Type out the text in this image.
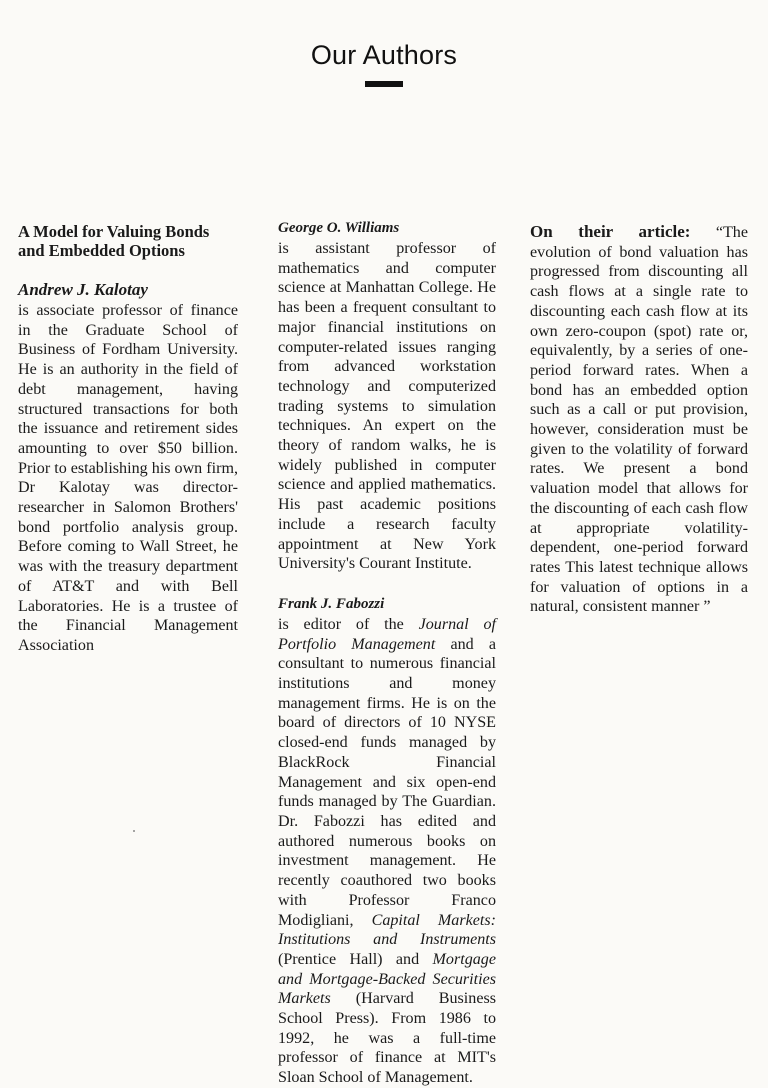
Our Authors
A Model for Valuing Bonds and Embedded Options
Andrew J. Kalotay

is associate professor of finance in the Graduate School of Business of Fordham University. He is an authority in the field of debt management, having structured transactions for both the issuance and retirement sides amounting to over $50 billion. Prior to establishing his own firm, Dr Kalotay was director-researcher in Salomon Brothers' bond portfolio analysis group. Before coming to Wall Street, he was with the treasury department of AT&T and with Bell Laboratories. He is a trustee of the Financial Management Association

George O. Williams

is assistant professor of mathematics and computer science at Manhattan College. He has been a frequent consultant to major financial institutions on computer-related issues ranging from advanced workstation technology and computerized trading systems to simulation techniques. An expert on the theory of random walks, he is widely published in computer science and applied mathematics. His past academic positions include a research faculty appointment at New York University's Courant Institute.

Frank J. Fabozzi

is editor of the Journal of Portfolio Management and a consultant to numerous financial institutions and money management firms. He is on the board of directors of 10 NYSE closed-end funds managed by BlackRock Financial Management and six open-end funds managed by The Guardian. Dr. Fabozzi has edited and authored numerous books on investment management. He recently coauthored two books with Professor Franco Modigliani, Capital Markets: Institutions and Instruments (Prentice Hall) and Mortgage and Mortgage-Backed Securities Markets (Harvard Business School Press). From 1986 to 1992, he was a full-time professor of finance at MIT's Sloan School of Management.

On their article: “The evolution of bond valuation has progressed from discounting all cash flows at a single rate to discounting each cash flow at its own zero-coupon (spot) rate or, equivalently, by a series of one-period forward rates. When a bond has an embedded option such as a call or put provision, however, consideration must be given to the volatility of forward rates. We present a bond valuation model that allows for the discounting of each cash flow at appropriate volatility-dependent, one-period forward rates This latest technique allows for valuation of options in a natural, consistent manner ”
